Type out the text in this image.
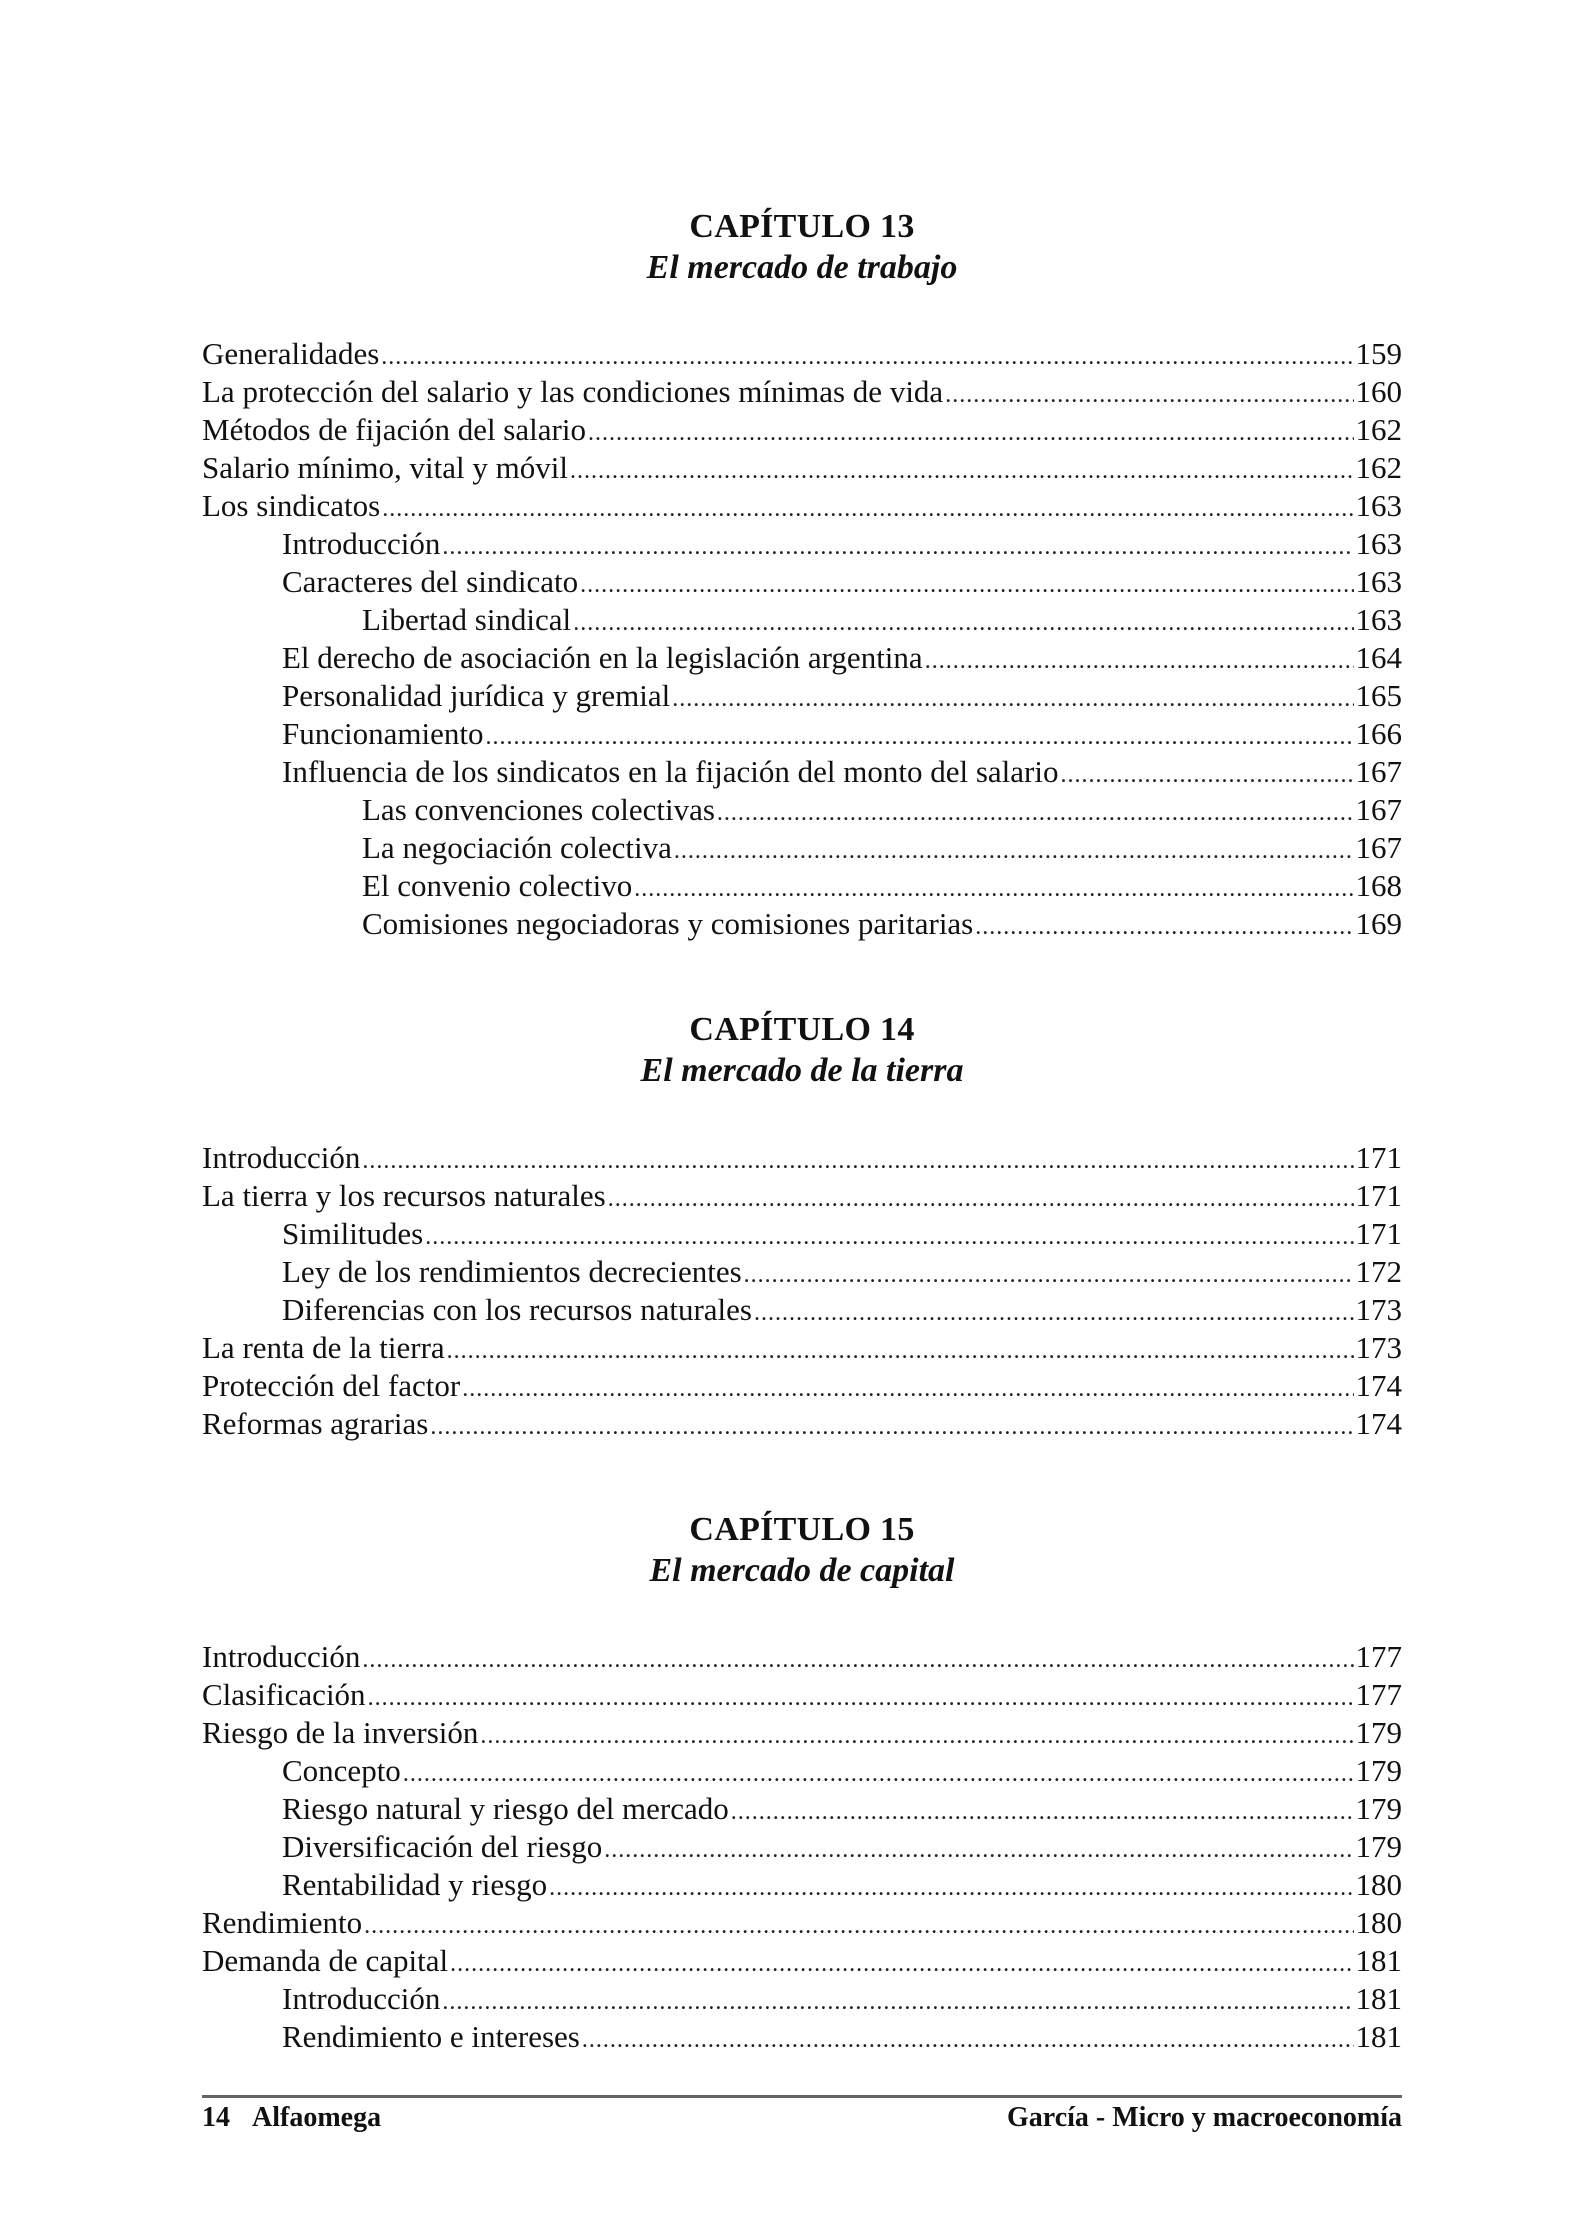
CAPÍTULO 13
El mercado de trabajo
Generalidades .....	159
La protección del salario y las condiciones mínimas de vida .....	160
Métodos de fijación del salario .....	162
Salario mínimo, vital y móvil .....	162
Los sindicatos .....	163
Introducción .....	163
Caracteres del sindicato .....	163
Libertad sindical .....	163
El derecho de asociación en la legislación argentina .....	164
Personalidad jurídica y gremial .....	165
Funcionamiento .....	166
Influencia de los sindicatos en la fijación del monto del salario .....	167
Las convenciones colectivas .....	167
La negociación colectiva .....	167
El convenio colectivo .....	168
Comisiones negociadoras y comisiones paritarias .....	169
CAPÍTULO 14
El mercado de la tierra
Introducción .....	171
La tierra y los recursos naturales .....	171
Similitudes .....	171
Ley de los rendimientos decrecientes .....	172
Diferencias con los recursos naturales .....	173
La renta de la tierra .....	173
Protección del factor .....	174
Reformas agrarias .....	174
CAPÍTULO 15
El mercado de capital
Introducción .....	177
Clasificación .....	177
Riesgo de la inversión .....	179
Concepto .....	179
Riesgo natural y riesgo del mercado .....	179
Diversificación del riesgo .....	179
Rentabilidad y riesgo .....	180
Rendimiento .....	180
Demanda de capital .....	181
Introducción .....	181
Rendimiento e intereses .....	181
14 Alfaomega	García - Micro y macroeconomía
